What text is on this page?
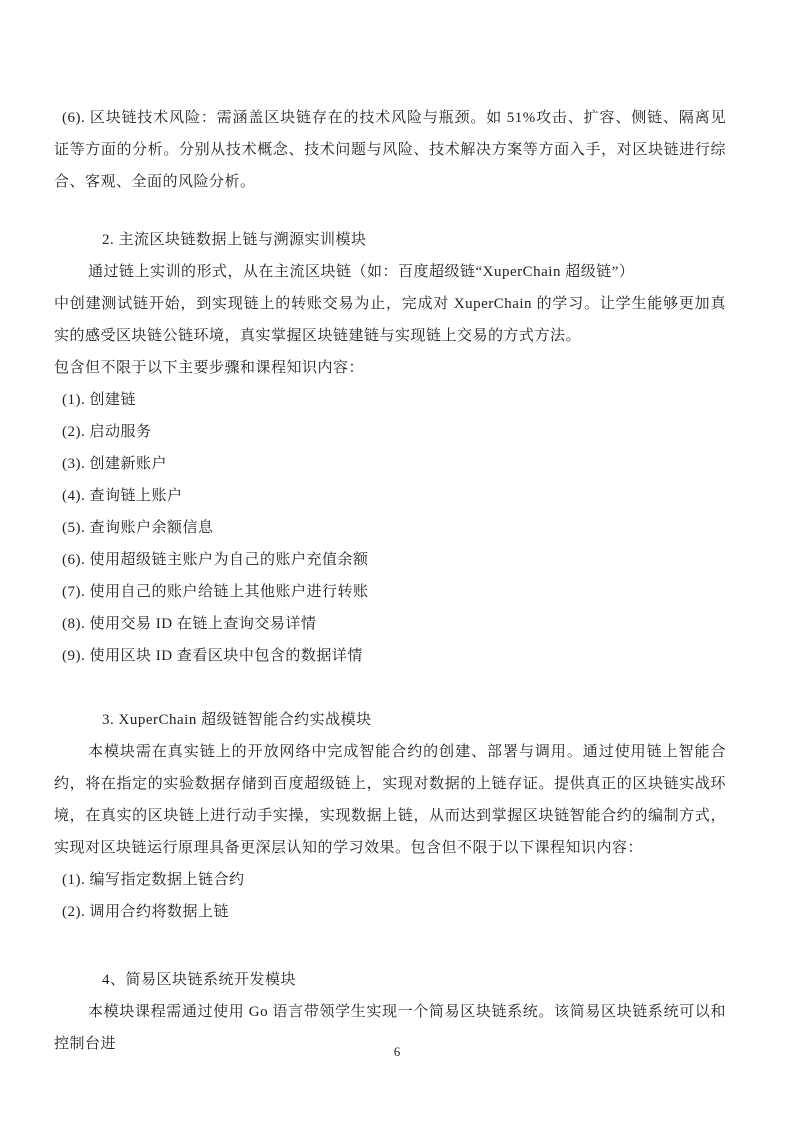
(6). 区块链技术风险：需涵盖区块链存在的技术风险与瓶颈。如 51%攻击、扩容、侧链、隔离见证等方面的分析。分别从技术概念、技术问题与风险、技术解决方案等方面入手，对区块链进行综合、客观、全面的风险分析。

2. 主流区块链数据上链与溯源实训模块

通过链上实训的形式，从在主流区块链（如：百度超级链“XuperChain 超级链”）

中创建测试链开始，到实现链上的转账交易为止，完成对 XuperChain 的学习。让学生能够更加真实的感受区块链公链环境，真实掌握区块链建链与实现链上交易的方式方法。

包含但不限于以下主要步骤和课程知识内容：

(1). 创建链
(2). 启动服务
(3). 创建新账户
(4). 查询链上账户
(5). 查询账户余额信息
(6). 使用超级链主账户为自己的账户充值余额
(7). 使用自己的账户给链上其他账户进行转账
(8). 使用交易 ID 在链上查询交易详情
(9). 使用区块 ID 查看区块中包含的数据详情
3. XuperChain 超级链智能合约实战模块

本模块需在真实链上的开放网络中完成智能合约的创建、部署与调用。通过使用链上智能合约，将在指定的实验数据存储到百度超级链上，实现对数据的上链存证。提供真正的区块链实战环境，在真实的区块链上进行动手实操，实现数据上链，从而达到掌握区块链智能合约的编制方式，实现对区块链运行原理具备更深层认知的学习效果。包含但不限于以下课程知识内容：

(1). 编写指定数据上链合约
(2). 调用合约将数据上链
4、简易区块链系统开发模块

本模块课程需通过使用 Go 语言带领学生实现一个简易区块链系统。该简易区块链系统可以和控制台进	6
